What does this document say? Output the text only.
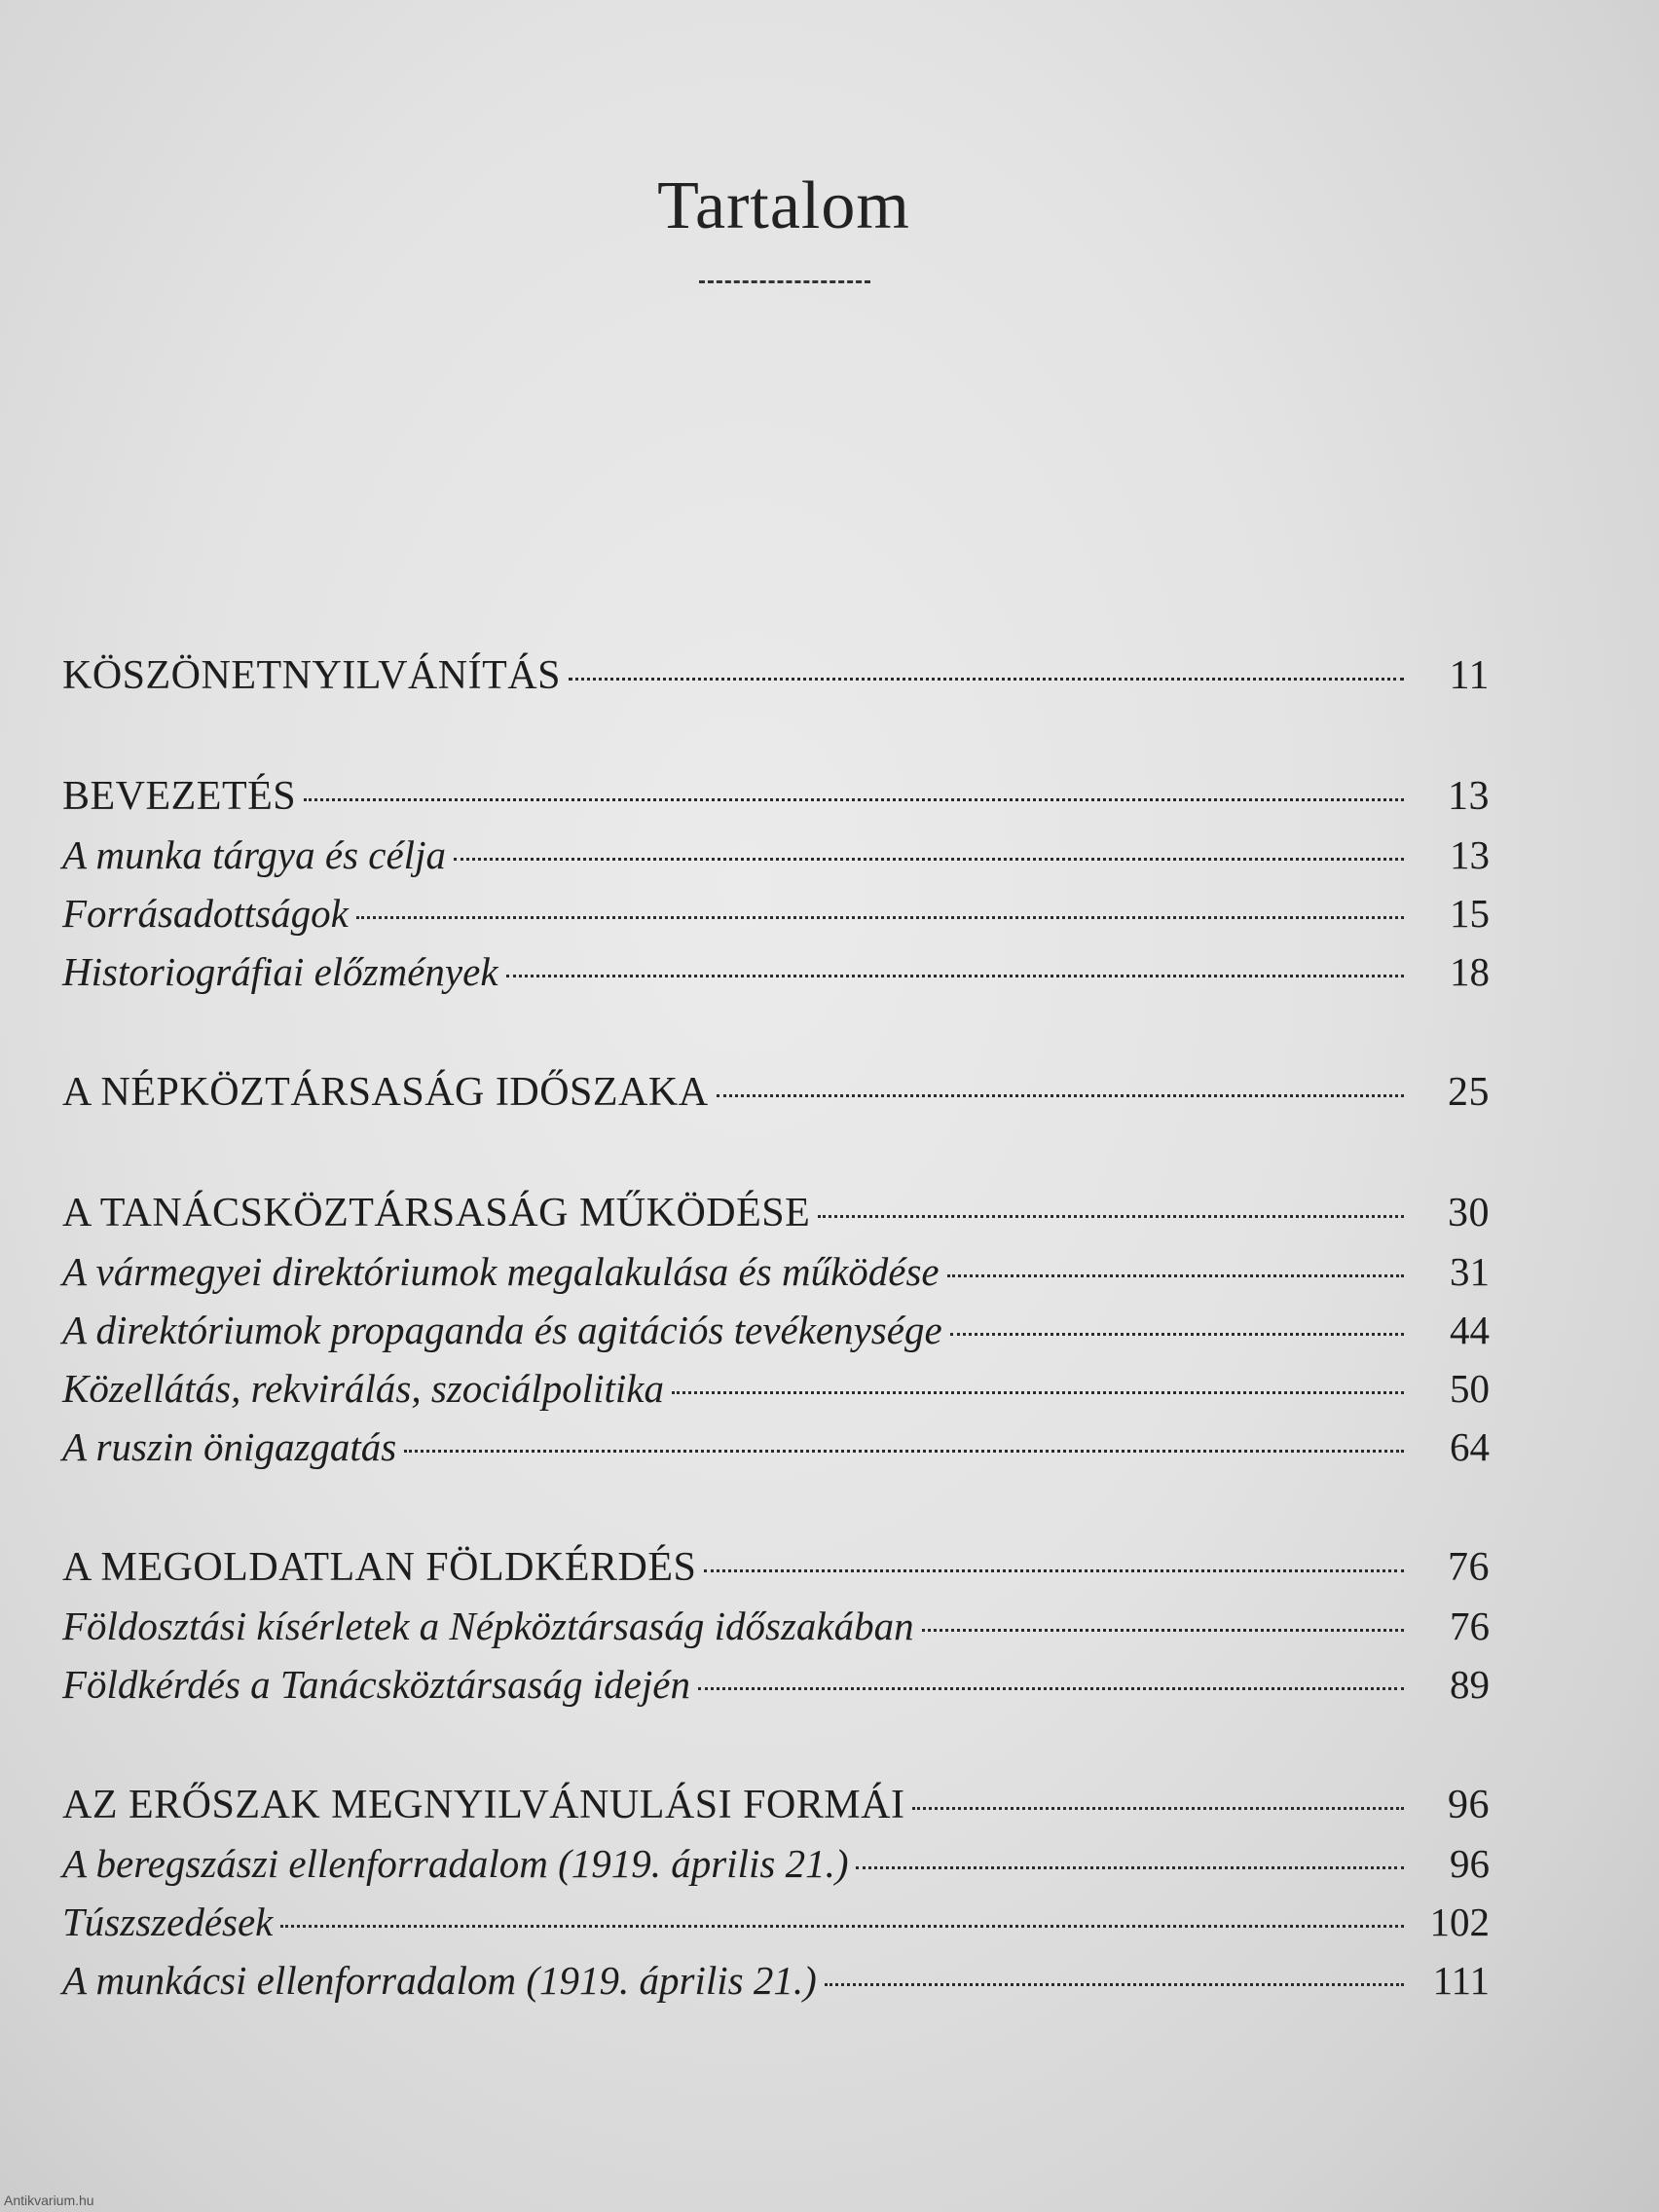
Tartalom
KÖSZÖNETNYILVÁNÍTÁS	11
BEVEZETÉS	13
A munka tárgya és célja	13
Forrásadottságok	15
Historiográfiai előzmények	18
A NÉPKÖZTÁRSASÁG IDŐSZAKA	25
A TANÁCSKÖZTÁRSASÁG MŰKÖDÉSE	30
A vármegyei direktóriumok megalakulása és működése	31
A direktóriumok propaganda és agitációs tevékenysége	44
Közellátás, rekvirálás, szociálpolitika	50
A ruszin önigazgatás	64
A MEGOLDATLAN FÖLDKÉRDÉS	76
Földosztási kísérletek a Népköztársaság időszakában	76
Földkérdés a Tanácsköztársaság idején	89
AZ ERŐSZAK MEGNYILVÁNULÁSI FORMÁI	96
A beregszászi ellenforradalom (1919. április 21.)	96
Túszszedések	102
A munkácsi ellenforradalom (1919. április 21.)	111
Antikvarium.hu
